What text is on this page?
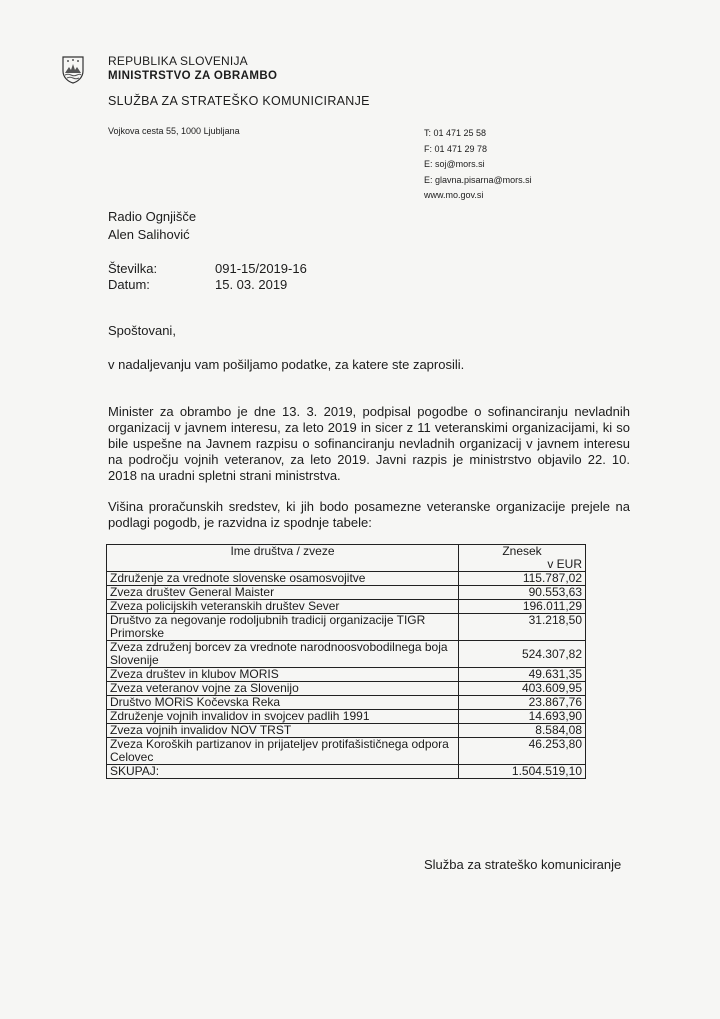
REPUBLIKA SLOVENIJA
MINISTRSTVO ZA OBRAMBO
SLUŽBA ZA STRATEŠKO KOMUNICIRANJE
Vojkova cesta 55, 1000 Ljubljana	T: 01 471 25 58
F: 01 471 29 78
E: soj@mors.si
E: glavna.pisarna@mors.si
www.mo.gov.si
Radio Ognjišče
Alen Salihović
Številka:	091-15/2019-16
Datum:	15. 03. 2019
Spoštovani,
v nadaljevanju vam pošiljamo podatke, za katere ste zaprosili.
Minister za obrambo je dne 13. 3. 2019, podpisal pogodbe o sofinanciranju nevladnih organizacij v javnem interesu, za leto 2019 in sicer z 11 veteranskimi organizacijami, ki so bile uspešne na Javnem razpisu o sofinanciranju nevladnih organizacij v javnem interesu na področju vojnih veteranov, za leto 2019. Javni razpis je ministrstvo objavilo 22. 10. 2018 na uradni spletni strani ministrstva.
Višina proračunskih sredstev, ki jih bodo posamezne veteranske organizacije prejele na podlagi pogodb, je razvidna iz spodnje tabele:
Ime društva / zveze	Znesek
v EUR

Združenje za vrednote slovenske osamosvojitve	115.787,02
Zveza društev General Maister	90.553,63
Zveza policijskih veteranskih društev Sever	196.011,29
Društvo za negovanje rodoljubnih tradicij organizacije TIGR Primorske	31.218,50
Zveza združenj borcev za vrednote narodnoosvobodilnega boja Slovenije	524.307,82
Zveza društev in klubov MORIS	49.631,35
Zveza veteranov vojne za Slovenijo	403.609,95
Društvo MORiS Kočevska Reka	23.867,76
Združenje vojnih invalidov in svojcev padlih 1991	14.693,90
Zveza vojnih invalidov NOV TRST	8.584,08
Zveza Koroških partizanov in prijateljev protifašističnega odpora Celovec	46.253,80
SKUPAJ:	1.504.519,10
Služba za strateško komuniciranje
